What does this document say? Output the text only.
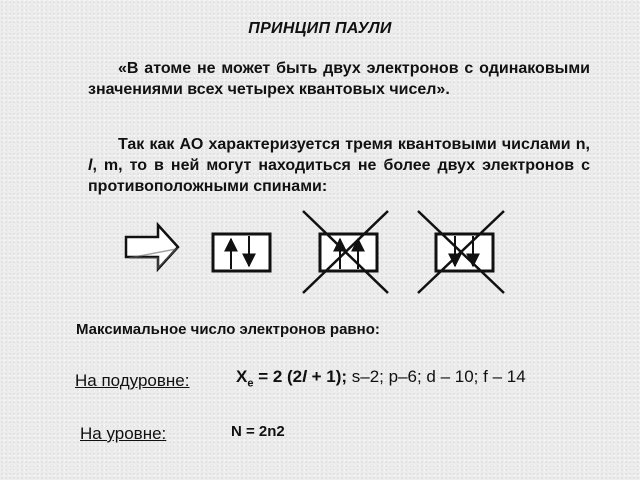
ПРИНЦИП ПАУЛИ
«В атоме не может быть двух электронов с одинаковыми значениями всех четырех квантовых чисел».
Так как АО характеризуется тремя квантовыми числами n, l, m, то в ней могут находиться не более двух электронов с противоположными спинами:
Максимальное число электронов равно:
На подуровне:	$X_e = 2$ (2l + 1); s–2; p–6; d – 10; f – 14
На уровне:	N = 2n2
